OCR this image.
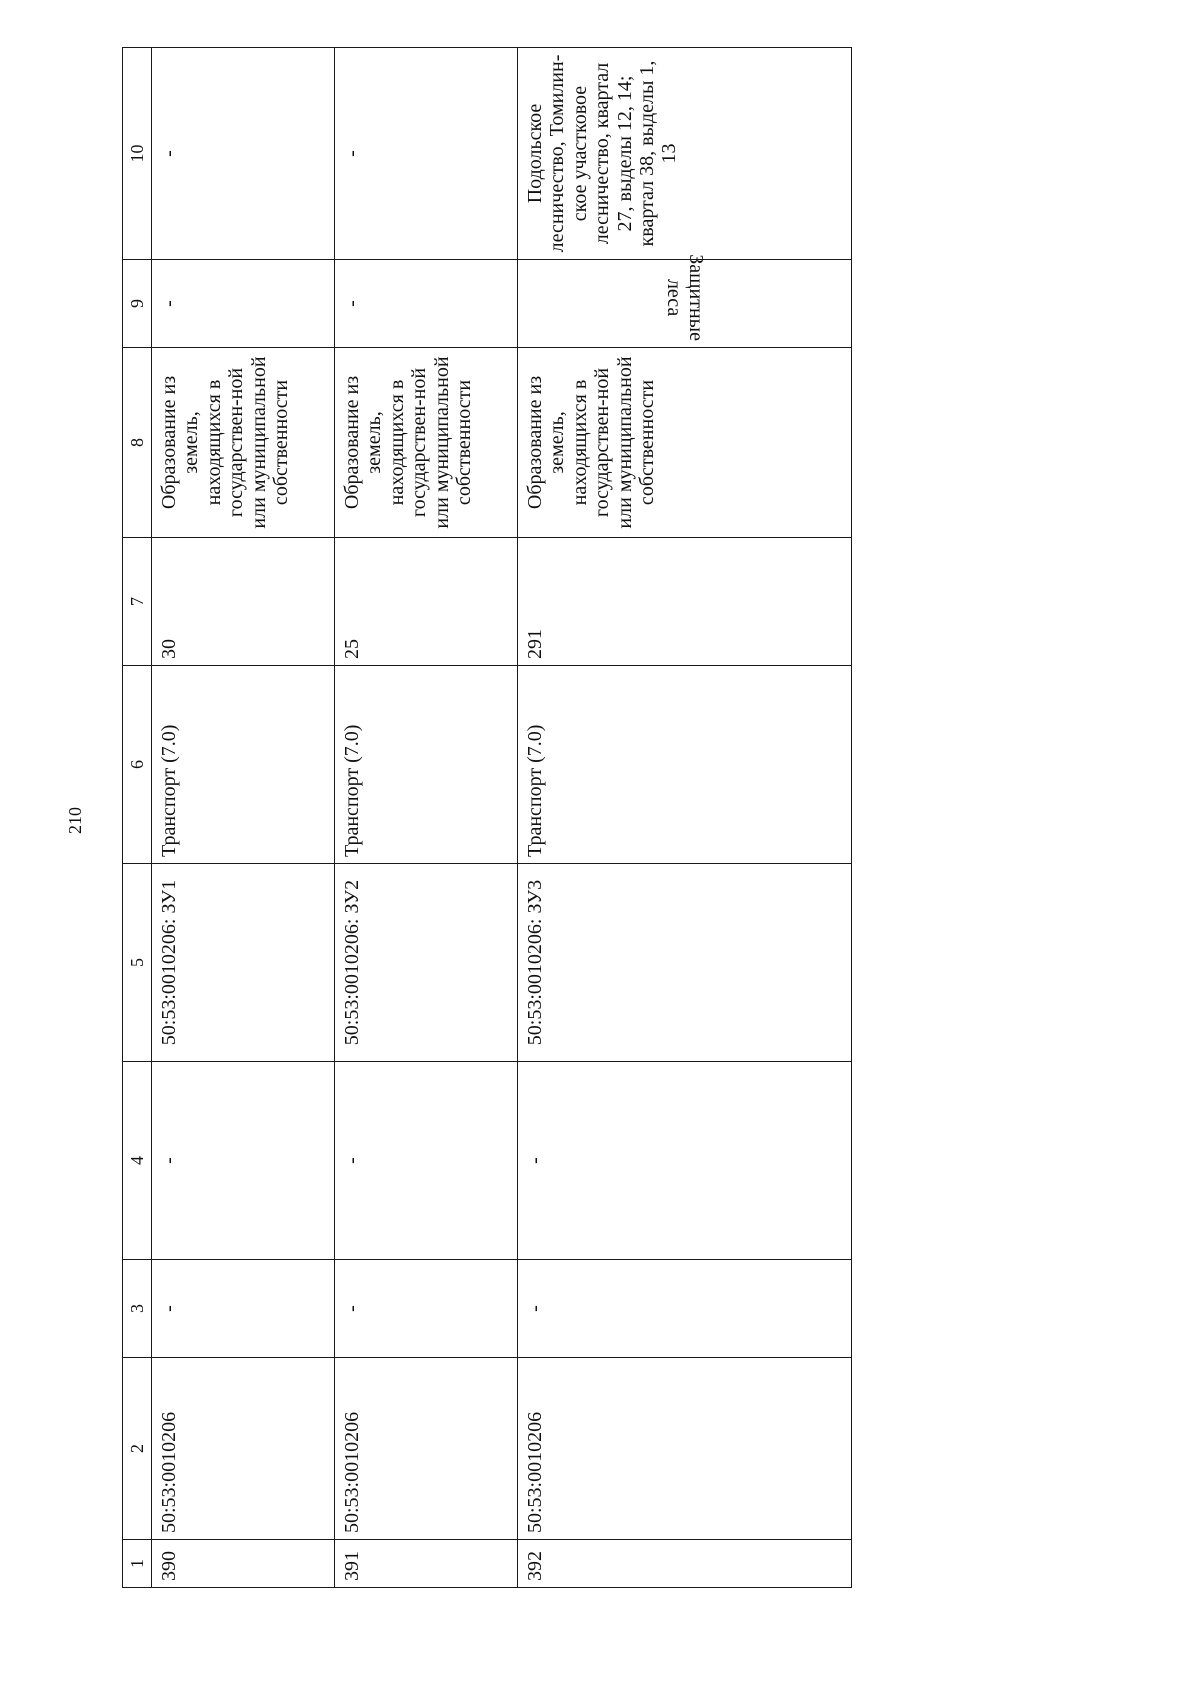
210
1	2	3	4	5	6	7	8	9	10
390	50:53:0010206	-	-	50:53:0010206: ЗУ1	Транспорт (7.0)	30	Образование из земель, находящихся в государствен-ной или муниципальной собственности	-	-
391	50:53:0010206	-	-	50:53:0010206: ЗУ2	Транспорт (7.0)	25	Образование из земель, находящихся в государствен-ной или муниципальной собственности	-	-
392	50:53:0010206	-	-	50:53:0010206: ЗУ3	Транспорт (7.0)	291	Образование из земель, находящихся в государствен-ной или муниципальной собственности	Защитные леса	Подольское лесничество, Томилин-ское участковое лесничество, квартал 27, выделы 12, 14; квартал 38, выделы 1, 13
